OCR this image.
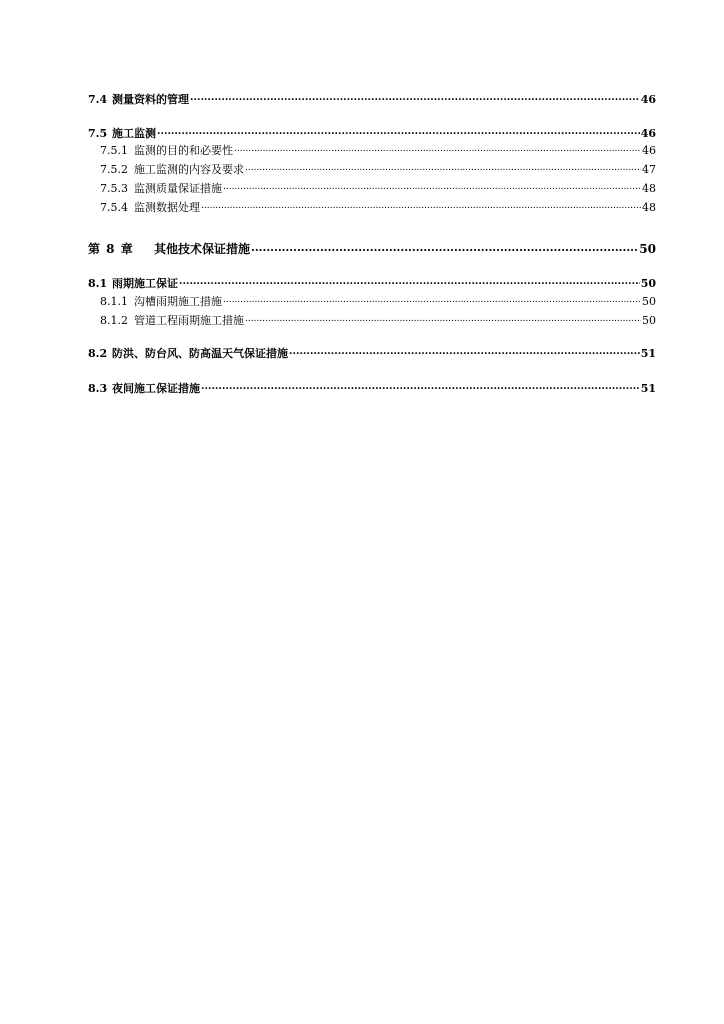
7.4 测量资料的管理 .....	46
7.5 施工监测 .....	46
7.5.1 监测的目的和必要性 .....	46
7.5.2 施工监测的内容及要求 .....	47
7.5.3 监测质量保证措施 .....	48
7.5.4 监测数据处理 .....	48
第 8 章	其他技术保证措施 .....	50
8.1 雨期施工保证 .....	50
8.1.1 沟槽雨期施工措施 .....	50
8.1.2 管道工程雨期施工措施 .....	50
8.2 防洪、防台风、防高温天气保证措施 .....	51
8.3 夜间施工保证措施 .....	51
